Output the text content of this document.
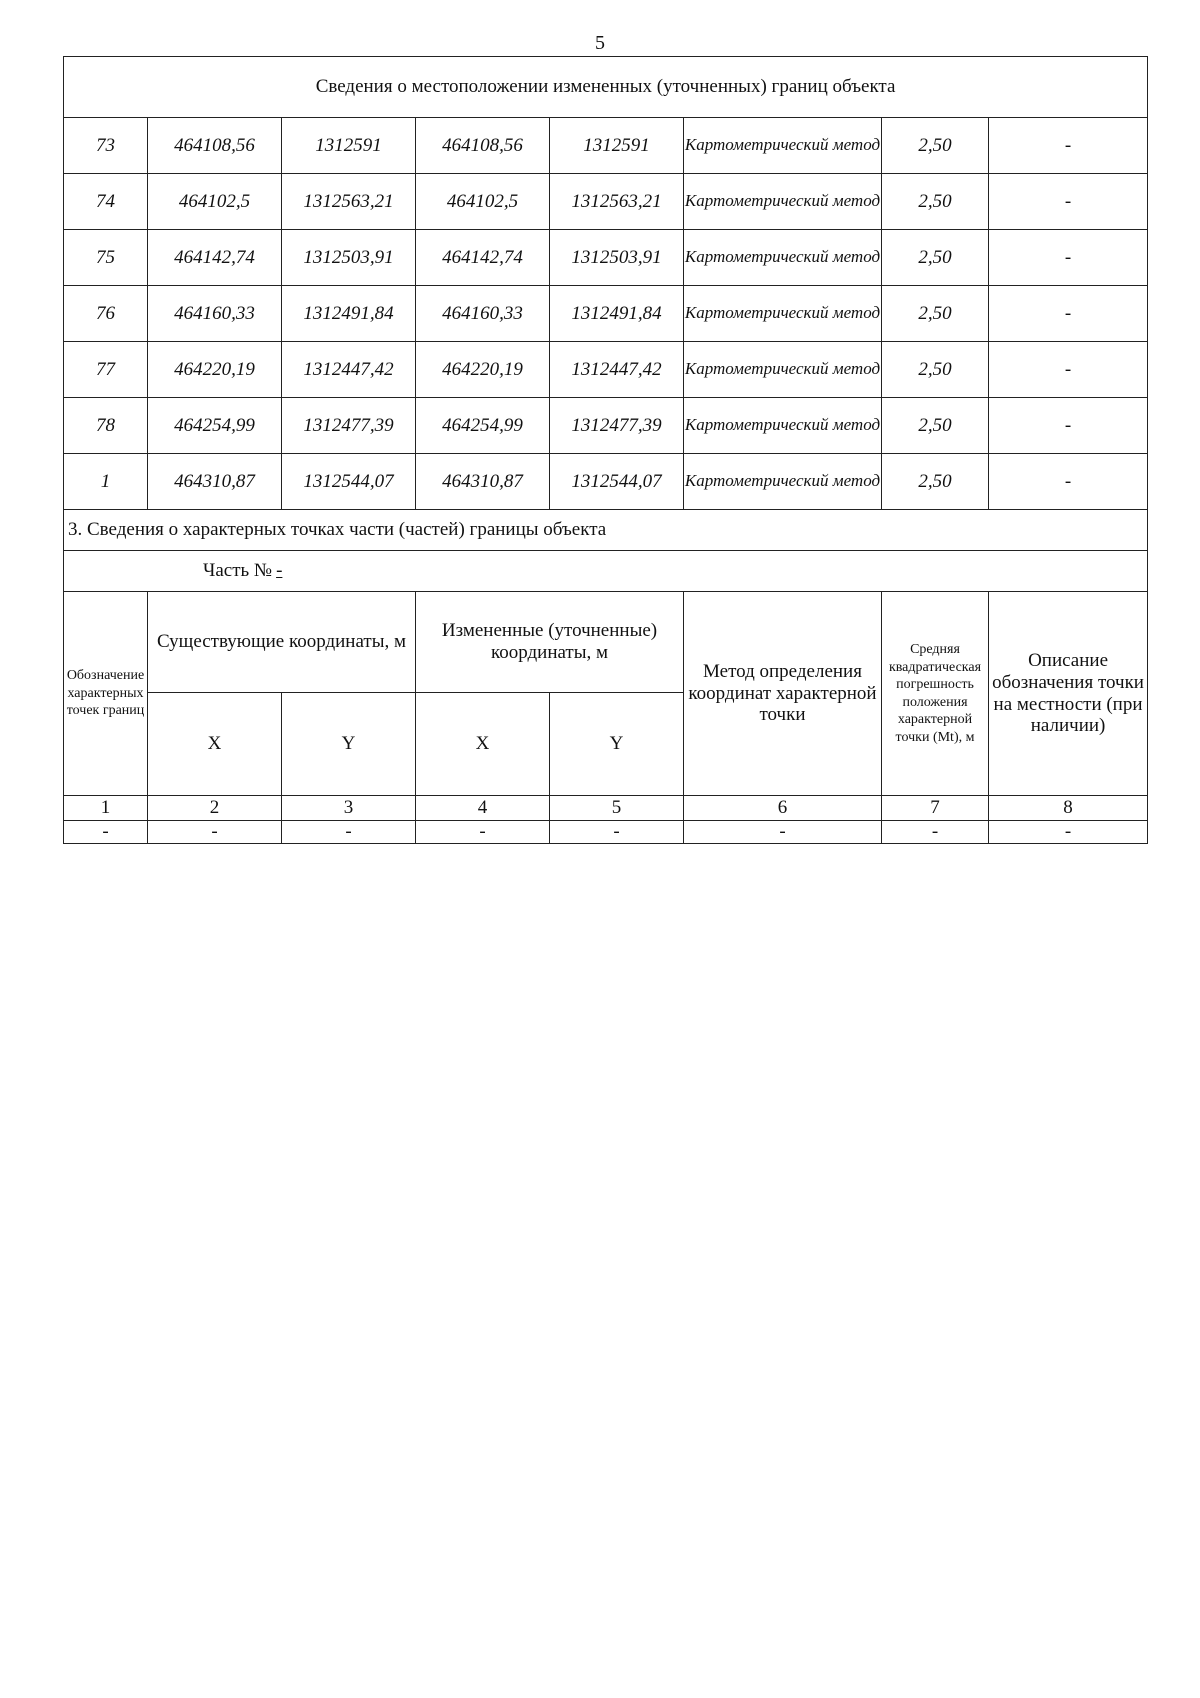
5
Сведения о местоположении измененных (уточненных) границ объекта							
73	464108,56	1312591	464108,56	1312591	Картометрический метод	2,50	-
74	464102,5	1312563,21	464102,5	1312563,21	Картометрический метод	2,50	-
75	464142,74	1312503,91	464142,74	1312503,91	Картометрический метод	2,50	-
76	464160,33	1312491,84	464160,33	1312491,84	Картометрический метод	2,50	-
77	464220,19	1312447,42	464220,19	1312447,42	Картометрический метод	2,50	-
78	464254,99	1312477,39	464254,99	1312477,39	Картометрический метод	2,50	-
1	464310,87	1312544,07	464310,87	1312544,07	Картометрический метод	2,50	-
3. Сведения о характерных точках части (частей) границы объекта							
Часть № -							
Обозначение характерных точек границ	Существующие координаты, м		Измененные (уточненные) координаты, м		Метод определения координат характерной точки	Средняя квадратическая погрешность положения характерной точки (Mt), м	Описание обозначения точки на местности (при наличии)
	X	Y	X	Y			
1	2	3	4	5	6	7	8
-	-	-	-	-	-	-	-
